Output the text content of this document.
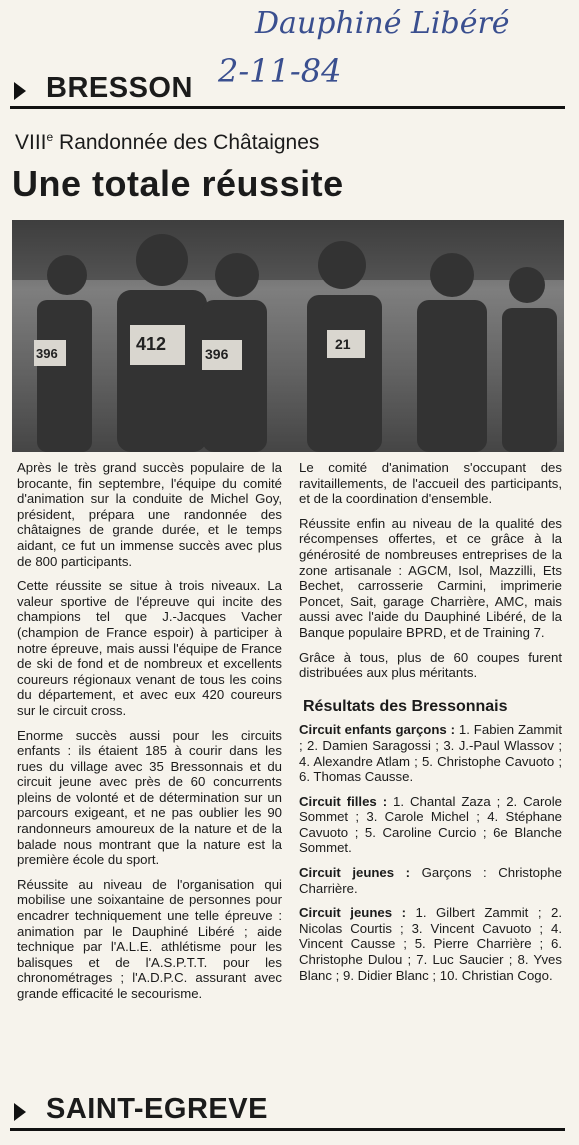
Dauphiné Libéré
2-11-84
BRESSON
VIIIe Randonnée des Châtaignes
Une totale réussite
396	412	396
21

Après le très grand succès populaire de la brocante, fin septembre, l'équipe du comité d'animation sur la conduite de Michel Goy, président, prépara une randonnée des châtaignes de grande durée, et le temps aidant, ce fut un immense succès avec plus de 800 participants.

Cette réussite se situe à trois niveaux. La valeur sportive de l'épreuve qui incite des champions tel que J.-Jacques Vacher (champion de France espoir) à participer à notre épreuve, mais aussi l'équipe de France de ski de fond et de nombreux et excellents coureurs régionaux venant de tous les coins du département, et avec eux 420 coureurs sur le circuit cross.

Enorme succès aussi pour les circuits enfants : ils étaient 185 à courir dans les rues du village avec 35 Bressonnais et du circuit jeune avec près de 60 concurrents pleins de volonté et de détermination sur un parcours exigeant, et ne pas oublier les 90 randonneurs amoureux de la nature et de la balade nous montrant que la nature est la première école du sport.

Réussite au niveau de l'organisation qui mobilise une soixantaine de personnes pour encadrer techniquement une telle épreuve : animation par le Dauphiné Libéré ; aide technique par l'A.L.E. athlétisme pour les balisques et de l'A.S.P.T.T. pour les chronométrages ; l'A.D.P.C. assurant avec grande efficacité le secourisme.

Le comité d'animation s'occupant des ravitaillements, de l'accueil des participants, et de la coordination d'ensemble.

Réussite enfin au niveau de la qualité des récompenses offertes, et ce grâce à la générosité de nombreuses entreprises de la zone artisanale : AGCM, Isol, Mazzilli, Ets Bechet, carrosserie Carmini, imprimerie Poncet, Sait, garage Charrière, AMC, mais aussi avec l'aide du Dauphiné Libéré, de la Banque populaire BPRD, et de Training 7.

Grâce à tous, plus de 60 coupes furent distribuées aux plus méritants.

Résultats des Bressonnais

Circuit enfants garçons : 1. Fabien Zammit ; 2. Damien Saragossi ; 3. J.-Paul Wlassov ; 4. Alexandre Atlam ; 5. Christophe Cavuoto ; 6. Thomas Causse.

Circuit filles : 1. Chantal Zaza ; 2. Carole Sommet ; 3. Carole Michel ; 4. Stéphane Cavuoto ; 5. Caroline Curcio ; 6e Blanche Sommet.

Circuit jeunes : Garçons : Christophe Charrière.

Circuit jeunes : 1. Gilbert Zammit ; 2. Nicolas Courtis ; 3. Vincent Cavuoto ; 4. Vincent Causse ; 5. Pierre Charrière ; 6. Christophe Dulou ; 7. Luc Saucier ; 8. Yves Blanc ; 9. Didier Blanc ; 10. Christian Cogo.

SAINT-EGREVE
